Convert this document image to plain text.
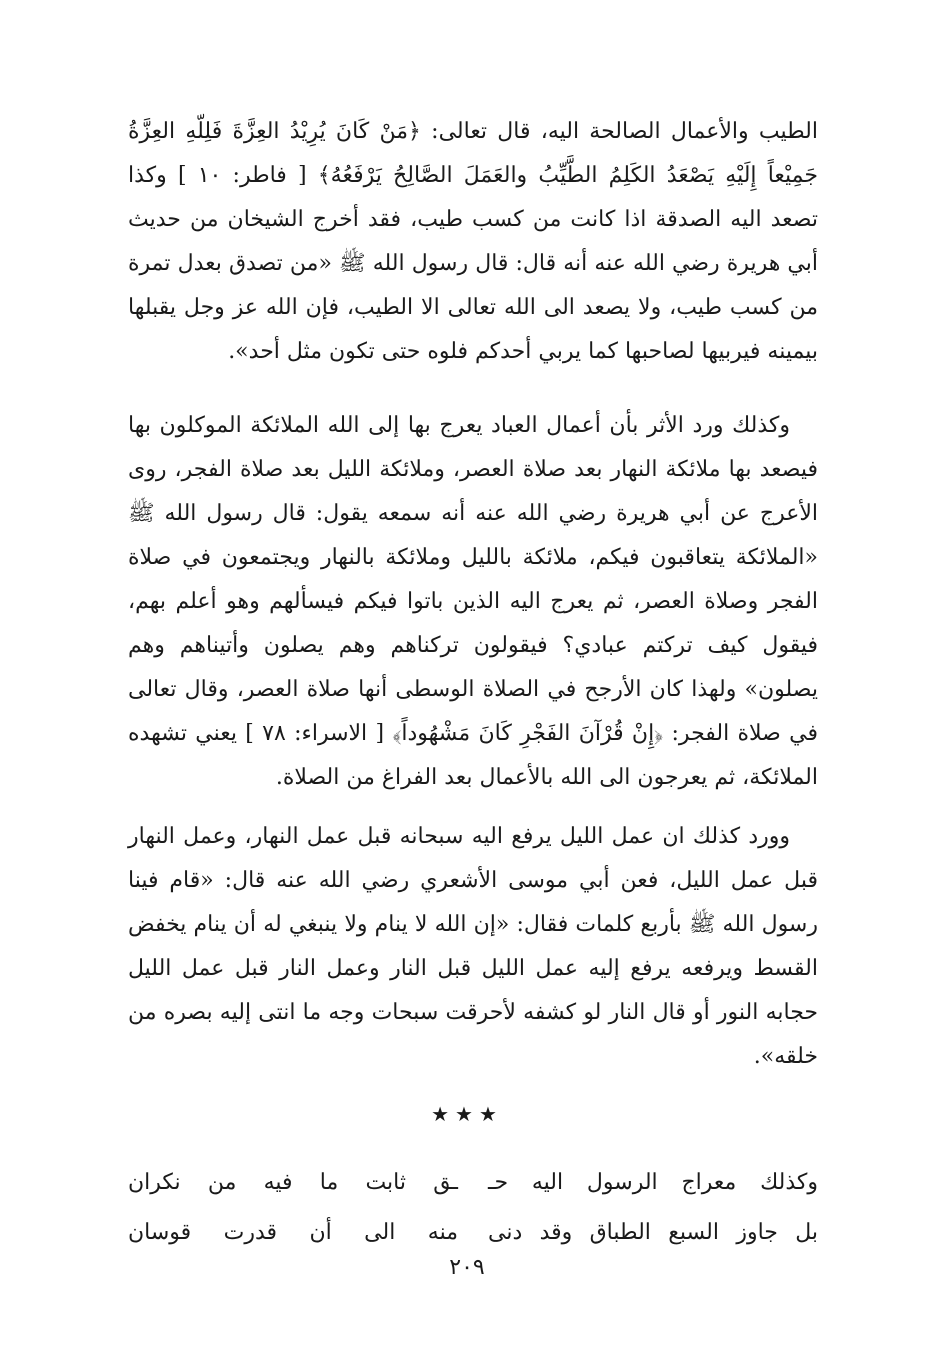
الطيب والأعمال الصالحة اليه، قال تعالى: ﴿مَنْ كَانَ يُرِيْدُ العِزَّةَ فَلِلّهِ العِزَّةُ جَمِيْعاً إِلَيْهِ يَصْعَدُ الكَلِمُ الطَّيِّبُ والعَمَلَ الصَّالِحُ يَرْفَعُهُ﴾ [ فاطر: ١٠ ] وكذا تصعد اليه الصدقة اذا كانت من كسب طيب، فقد أخرج الشيخان من حديث أبي هريرة رضي الله عنه أنه قال: قال رسول الله ﷺ «من تصدق بعدل تمرة من كسب طيب، ولا يصعد الى الله تعالى الا الطيب، فإن الله عز وجل يقبلها بيمينه فيربيها لصاحبها كما يربي أحدكم فلوه حتى تكون مثل أحد».

وكذلك ورد الأثر بأن أعمال العباد يعرج بها إلى الله الملائكة الموكلون بها فيصعد بها ملائكة النهار بعد صلاة العصر، وملائكة الليل بعد صلاة الفجر، روى الأعرج عن أبي هريرة رضي الله عنه أنه سمعه يقول: قال رسول الله ﷺ «الملائكة يتعاقبون فيكم، ملائكة بالليل وملائكة بالنهار ويجتمعون في صلاة الفجر وصلاة العصر، ثم يعرج اليه الذين باتوا فيكم فيسألهم وهو أعلم بهم، فيقول كيف تركتم عبادي؟ فيقولون تركناهم وهم يصلون وأتيناهم وهم يصلون» ولهذا كان الأرجح في الصلاة الوسطى أنها صلاة العصر، وقال تعالى في صلاة الفجر: ﴿إِنْ قُرْآنَ الفَجْرِ كَانَ مَشْهُوداً﴾ [ الاسراء: ٧٨ ] يعني تشهده الملائكة، ثم يعرجون الى الله بالأعمال بعد الفراغ من الصلاة.

وورد كذلك ان عمل الليل يرفع اليه سبحانه قبل عمل النهار، وعمل النهار قبل عمل الليل، فعن أبي موسى الأشعري رضي الله عنه قال: «قام فينا رسول الله ﷺ بأربع كلمات فقال: «إن الله لا ينام ولا ينبغي له أن ينام يخفض القسط ويرفعه يرفع إليه عمل الليل قبل النار وعمل النار قبل عمل الليل حجابه النور أو قال النار لو كشفه لأحرقت سبحات وجه ما انتى إليه بصره من خلقه».

★★★
وكذلك معراج الرسول اليه حـ
ـق ثابت ما فيه من نكران
بل جاوز السبع الطباق وقد دنى
منه الى أن قدرت قوسان
٢٠٩
